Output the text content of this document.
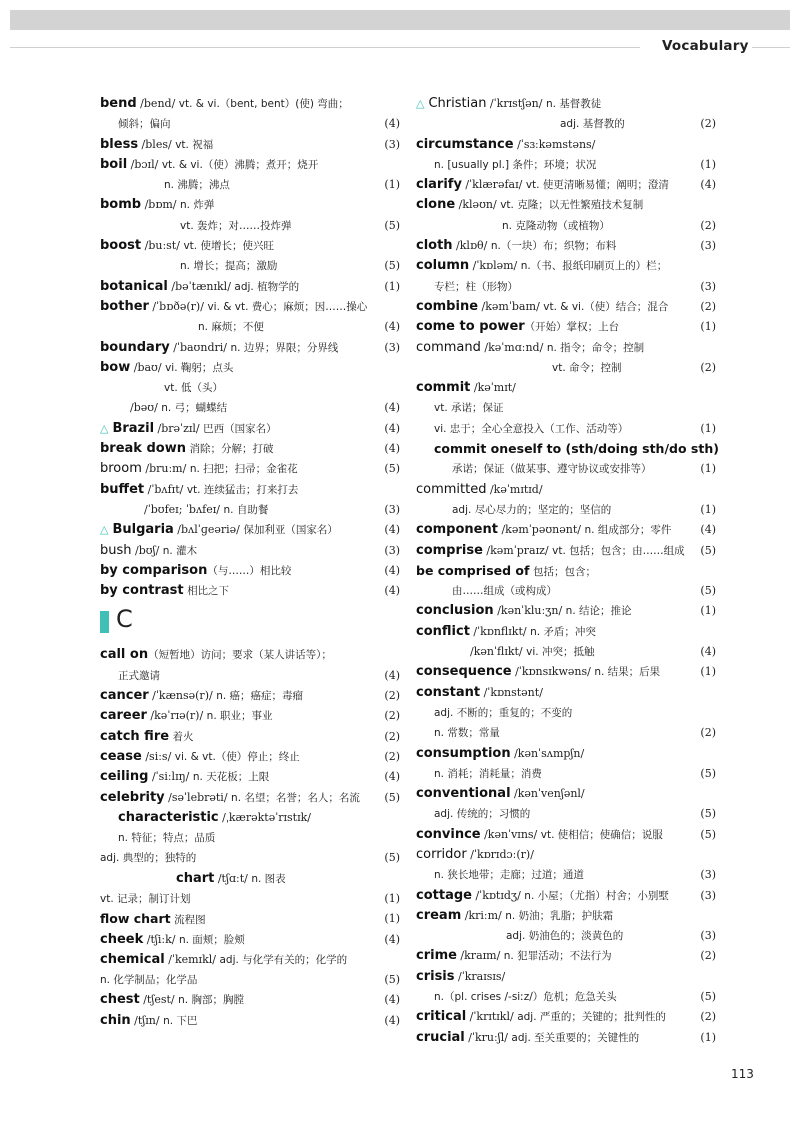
Vocabulary
bend /bend/ vt. & vi.（bent, bent）(使) 弯曲；
倾斜；偏向	(4)
bless /bles/ vt. 祝福	(3)
boil /bɔɪl/ vt. & vi.（使）沸腾；煮开；烧开
n. 沸腾；沸点	(1)
bomb /bɒm/ n. 炸弹
vt. 轰炸；对……投炸弹	(5)
boost /buːst/ vt. 使增长；使兴旺
n. 增长；提高；激励	(5)
botanical /bəˈtænɪkl/ adj. 植物学的	(1)
bother /ˈbɒðə(r)/ vi. & vt. 费心；麻烦；因……操心
n. 麻烦；不便	(4)
boundary /ˈbaʊndri/ n. 边界；界限；分界线	(3)
bow /baʊ/ vi. 鞠躬；点头
vt. 低（头）
/bəʊ/ n. 弓；蝴蝶结	(4)
△ Brazil /brəˈzɪl/ 巴西（国家名）	(4)
break down 消除；分解；打破	(4)
broom /bruːm/ n. 扫把；扫帚；金雀花	(5)
buffet /ˈbʌfɪt/ vt. 连续猛击；打来打去
/ˈbʊfeɪ; ˈbʌfeɪ/ n. 自助餐	(3)
△ Bulgaria /bʌlˈɡeəriə/ 保加利亚（国家名）	(4)
bush /bʊʃ/ n. 灌木	(3)
by comparison（与……）相比较	(4)
by contrast 相比之下	(4)
C
call on（短暂地）访问；要求（某人讲话等）；
正式邀请	(4)
cancer /ˈkænsə(r)/ n. 癌；癌症；毒瘤	(2)
career /kəˈrɪə(r)/ n. 职业；事业	(2)
catch fire 着火	(2)
cease /siːs/ vi. & vt.（使）停止；终止	(2)
ceiling /ˈsiːlɪŋ/ n. 天花板；上限	(4)
celebrity /səˈlebrəti/ n. 名望；名誉；名人；名流 (5)
characteristic /ˌkærəktəˈrɪstɪk/
n. 特征；特点；品质
adj. 典型的；独特的	(5)
chart /tʃɑːt/ n. 图表
vt. 记录；制订计划	(1)
flow chart 流程图	(1)
cheek /tʃiːk/ n. 面颊；脸颊	(4)
chemical /ˈkemɪkl/ adj. 与化学有关的；化学的
n. 化学制品；化学品	(5)
chest /tʃest/ n. 胸部；胸膛	(4)
chin /tʃɪn/ n. 下巴	(4)
△ Christian /ˈkrɪstʃən/ n. 基督教徒
adj. 基督教的	(2)
circumstance /ˈsɜːkəmstəns/
n. [usually pl.] 条件；环境；状况	(1)
clarify /ˈklærəfaɪ/ vt. 使更清晰易懂；阐明；澄清	(4)
clone /kləʊn/ vt. 克隆；以无性繁殖技术复制
n. 克隆动物（或植物）	(2)
cloth /klɒθ/ n.（一块）布；织物；布料	(3)
column /ˈkɒləm/ n.（书、报纸印刷页上的）栏；
专栏；柱（形物）	(3)
combine /kəmˈbaɪn/ vt. & vi.（使）结合；混合	(2)
come to power（开始）掌权；上台	(1)
command /kəˈmɑːnd/ n. 指令；命令；控制
vt. 命令；控制	(2)
commit /kəˈmɪt/
vt. 承诺；保证
vi. 忠于；全心全意投入（工作、活动等）	(1)
commit oneself to (sth/doing sth/do sth)
承诺；保证（做某事、遵守协议或安排等）	(1)
committed /kəˈmɪtɪd/
adj. 尽心尽力的；坚定的；坚信的	(1)
component /kəmˈpəʊnənt/ n. 组成部分；零件	(4)
comprise /kəmˈpraɪz/ vt. 包括；包含；由……组成 (5)
be comprised of 包括；包含；
由……组成（或构成）	(5)
conclusion /kənˈkluːʒn/ n. 结论；推论	(1)
conflict /ˈkɒnflɪkt/ n. 矛盾；冲突
/kənˈflɪkt/ vi. 冲突；抵触	(4)
consequence /ˈkɒnsɪkwəns/ n. 结果；后果	(1)
constant /ˈkɒnstənt/
adj. 不断的；重复的；不变的
n. 常数；常量	(2)
consumption /kənˈsʌmpʃn/
n. 消耗；消耗量；消费	(5)
conventional /kənˈvenʃənl/
adj. 传统的；习惯的	(5)
convince /kənˈvɪns/ vt. 使相信；使确信；说服	(5)
corridor /ˈkɒrɪdɔː(r)/
n. 狭长地带；走廊；过道；通道	(3)
cottage /ˈkɒtɪdʒ/ n. 小屋；（尤指）村舍；小别墅	(3)
cream /kriːm/ n. 奶油；乳脂；护肤霜
adj. 奶油色的；淡黄色的	(3)
crime /kraɪm/ n. 犯罪活动；不法行为	(2)
crisis /ˈkraɪsɪs/
n.（pl. crises /-siːz/）危机；危急关头	(5)
critical /ˈkrɪtɪkl/ adj. 严重的；关键的；批判性的	(2)
crucial /ˈkruːʃl/ adj. 至关重要的；关键性的	(1)
113
